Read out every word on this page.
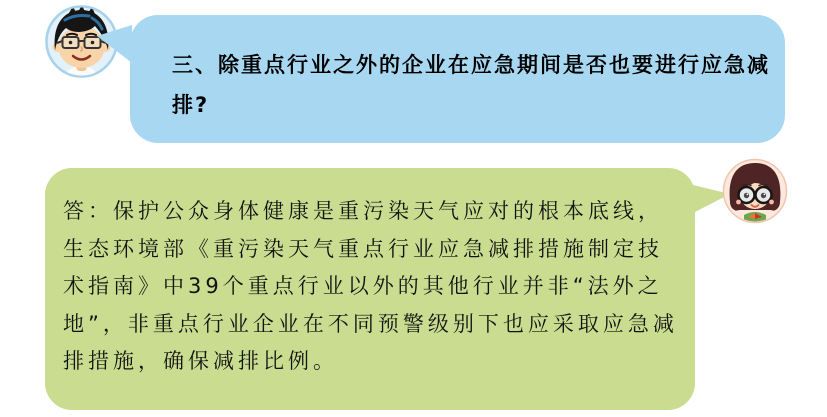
三、除重点行业之外的企业在应急期间是否也要进行应急减排?

答：保护公众身体健康是重污染天气应对的根本底线，生态环境部《重污染天气重点行业应急减排措施制定技术指南》中39个重点行业以外的其他行业并非“法外之地”，非重点行业企业在不同预警级别下也应采取应急减排措施，确保减排比例。
